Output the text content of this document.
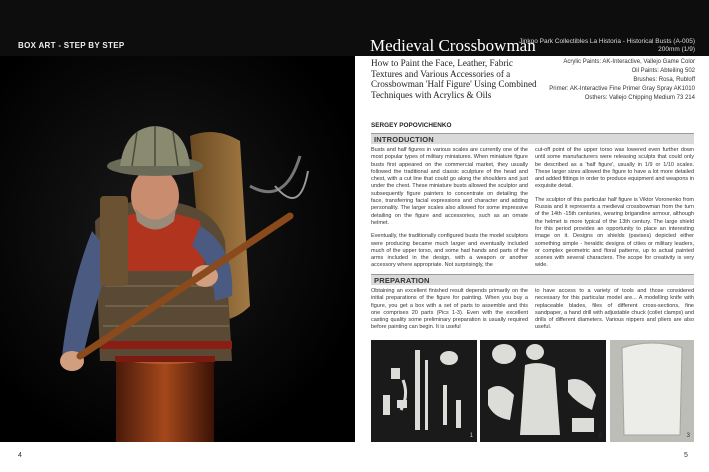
BOX ART - STEP BY STEP	Medieval Crossbowman
Jinkoo Park Collectibles La Historia - Historical Busts (A-005)
200mm (1/9)
4
How to Paint the Face, Leather, Fabric Textures and Various Accessories of a Crossbowman 'Half Figure' Using Combined Techniques with Acrylics & Oils
Acrylic Paints: AK-Interactive, Vallejo Game Color
Oil Paints: Abteiling 502
Brushes: Rosa, Rubloff
Primer: AK-Interactive Fine Primer Gray Spray AK1010
Osthers: Vallejo Chipping Medium 73 214
SERGEY POPOVICHENKO
INTRODUCTION

Busts and half figures in various scales are currently one of the most popular types of military miniatures. When miniature figure busts first appeared on the commercial market, they usually followed the traditional and classic sculpture of the head and chest, with a cut line that could go along the shoulders and just under the chest. These miniature busts allowed the sculptor and subsequently figure painters to concentrate on detailing the face, transferring facial expressions and character and adding personality. The larger scales also allowed for some impressive detailing on the figure and accessories, such as an ornate helmet.

Eventually, the traditionally configured busts the model sculptors were producing became much larger and eventually included much of the upper torso, and some had hands and parts of the arms included in the design, with a weapon or another accessory where appropriate. Not surprisingly, the

cut-off point of the upper torso was lowered even further down until some manufacturers were releasing sculpts that could only be described as a 'half figure', usually in 1/9 or 1/10 scales. These larger sizes allowed the figure to have a lot more detailed and added fittings in order to produce equipment and weapons in exquisite detail.

The sculptor of this particular half figure is Viktor Voronenko from Russia and it represents a medieval crossbowman from the turn of the 14th -15th centuries, wearing brigandine armour, although the helmet is more typical of the 13th century. The large shield for this period provides an opportunity to place an interesting image on it. Designs on shields (pavises) depicted either something simple - heraldic designs of cities or military leaders, or complex geometric and floral patterns, up to actual painted scenes with several characters. The scope for creativity is very wide.

PREPARATION

Obtaining an excellent finished result depends primarily on the initial preparations of the figure for painting. When you buy a figure, you get a box with a set of parts to assemble and this one comprises 20 parts (Pics 1-3). Even with the excellent casting quality some preliminary preparation is usually required before painting can begin. It is useful

to have access to a variety of tools and those considered necessary for this particular model are... A modelling knife with replaceable blades, files of different cross-sections, fine sandpaper, a hand drill with adjustable chuck (collet clamps) and drills of different diameters. Various nippers and pliers are also useful.

1	2	3
5
